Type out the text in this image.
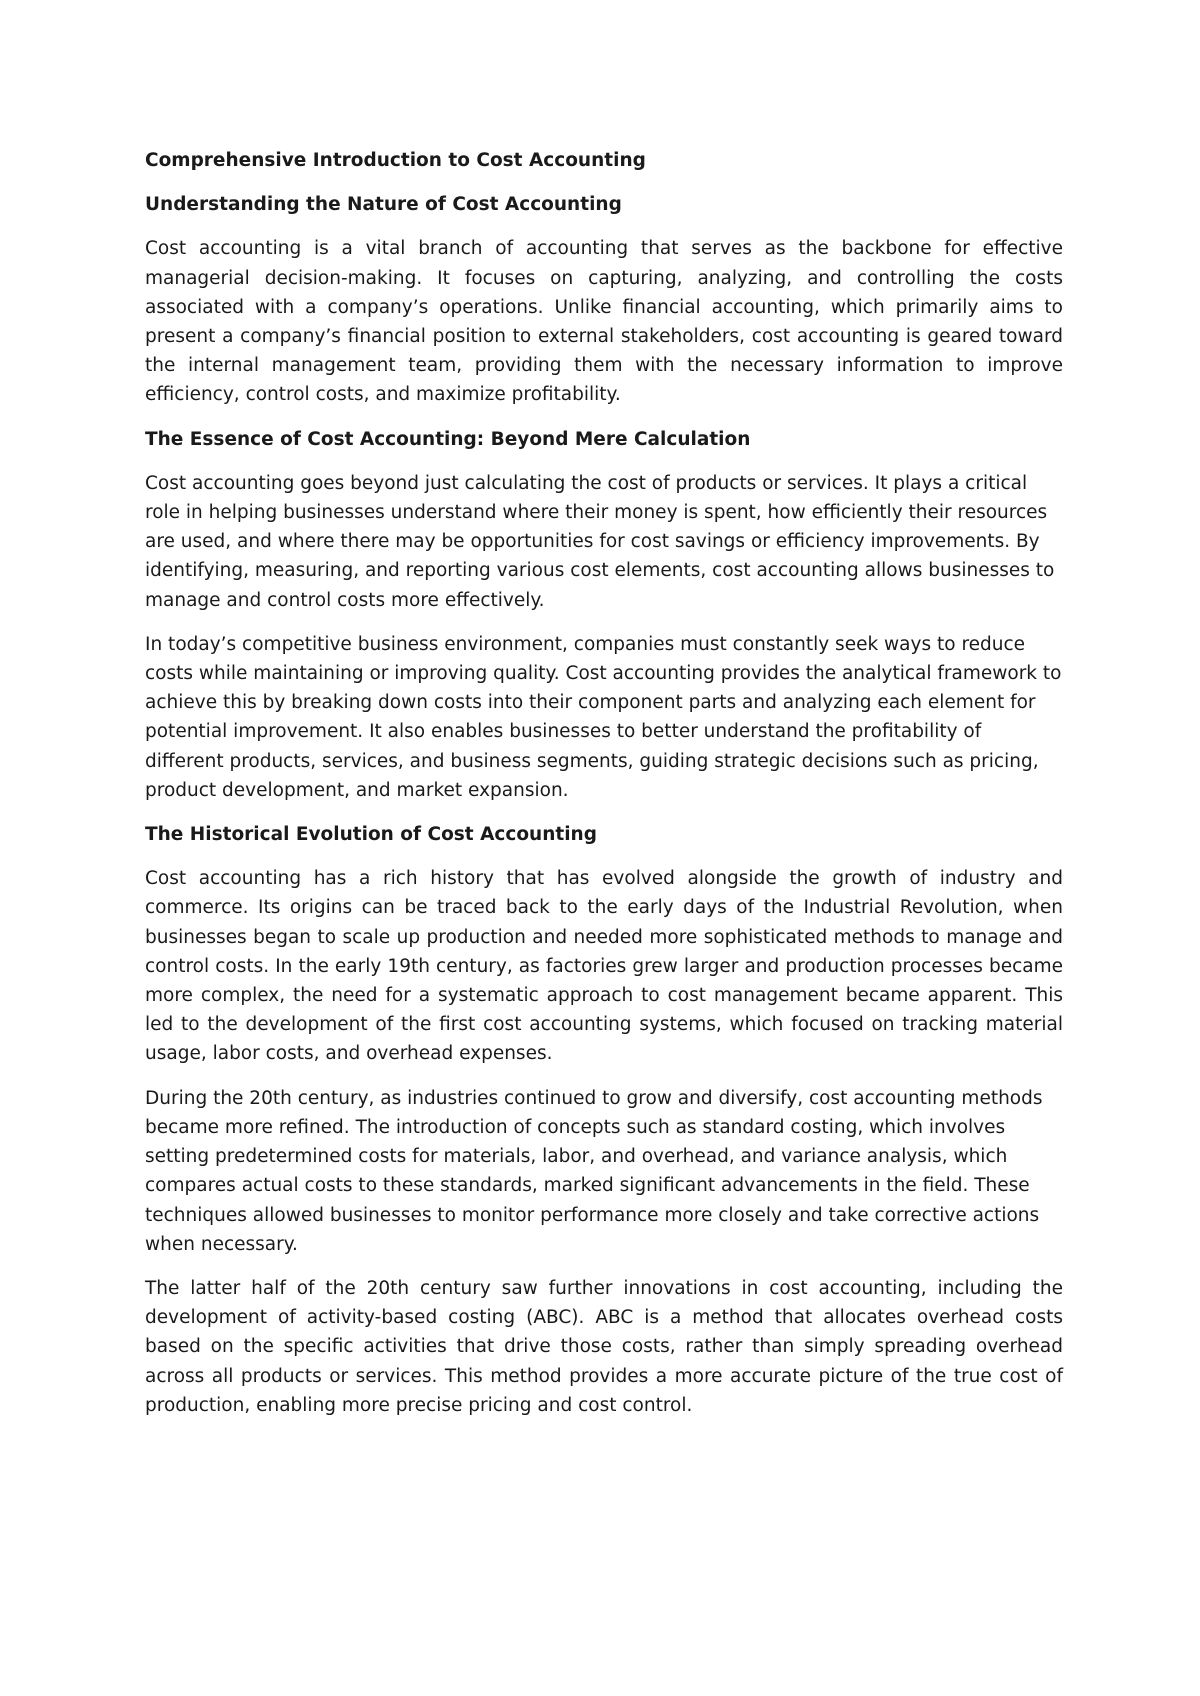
Comprehensive Introduction to Cost Accounting
Understanding the Nature of Cost Accounting
Cost accounting is a vital branch of accounting that serves as the backbone for effective managerial decision-making. It focuses on capturing, analyzing, and controlling the costs associated with a company’s operations. Unlike financial accounting, which primarily aims to present a company’s financial position to external stakeholders, cost accounting is geared toward the internal management team, providing them with the necessary information to improve efficiency, control costs, and maximize profitability.
The Essence of Cost Accounting: Beyond Mere Calculation
Cost accounting goes beyond just calculating the cost of products or services. It plays a critical role in helping businesses understand where their money is spent, how efficiently their resources are used, and where there may be opportunities for cost savings or efficiency improvements. By identifying, measuring, and reporting various cost elements, cost accounting allows businesses to manage and control costs more effectively.
In today’s competitive business environment, companies must constantly seek ways to reduce costs while maintaining or improving quality. Cost accounting provides the analytical framework to achieve this by breaking down costs into their component parts and analyzing each element for potential improvement. It also enables businesses to better understand the profitability of different products, services, and business segments, guiding strategic decisions such as pricing, product development, and market expansion.
The Historical Evolution of Cost Accounting
Cost accounting has a rich history that has evolved alongside the growth of industry and commerce. Its origins can be traced back to the early days of the Industrial Revolution, when businesses began to scale up production and needed more sophisticated methods to manage and control costs. In the early 19th century, as factories grew larger and production processes became more complex, the need for a systematic approach to cost management became apparent. This led to the development of the first cost accounting systems, which focused on tracking material usage, labor costs, and overhead expenses.
During the 20th century, as industries continued to grow and diversify, cost accounting methods became more refined. The introduction of concepts such as standard costing, which involves setting predetermined costs for materials, labor, and overhead, and variance analysis, which compares actual costs to these standards, marked significant advancements in the field. These techniques allowed businesses to monitor performance more closely and take corrective actions when necessary.
The latter half of the 20th century saw further innovations in cost accounting, including the development of activity-based costing (ABC). ABC is a method that allocates overhead costs based on the specific activities that drive those costs, rather than simply spreading overhead across all products or services. This method provides a more accurate picture of the true cost of production, enabling more precise pricing and cost control.
